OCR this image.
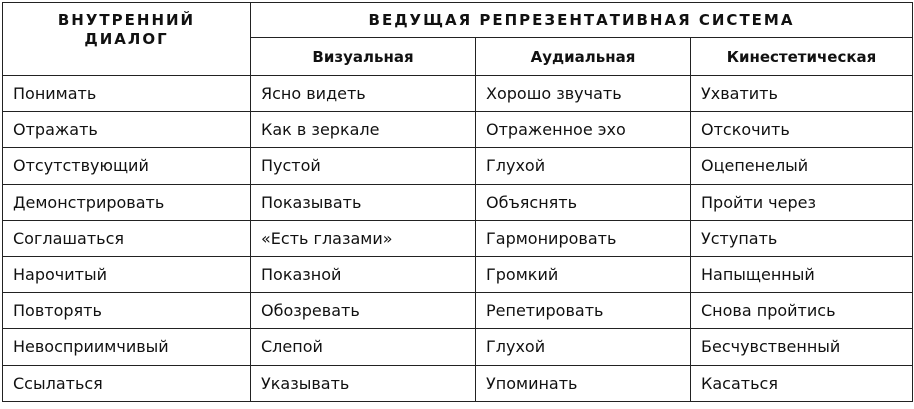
ВНУТРЕННИЙ
ДИАЛОГ	ВЕДУЩАЯ РЕПРЕЗЕНТАТИВНАЯ СИСТЕМА		
	Визуальная	Аудиальная	Кинестетическая
Понимать	Ясно видеть	Хорошо звучать	Ухватить
Отражать	Как в зеркале	Отраженное эхо	Отскочить
Отсутствующий	Пустой	Глухой	Оцепенелый
Демонстрировать	Показывать	Объяснять	Пройти через
Соглашаться	«Есть глазами»	Гармонировать	Уступать
Нарочитый	Показной	Громкий	Напыщенный
Повторять	Обозревать	Репетировать	Снова пройтись
Невосприимчивый	Слепой	Глухой	Бесчувственный
Ссылаться	Указывать	Упоминать	Касаться
